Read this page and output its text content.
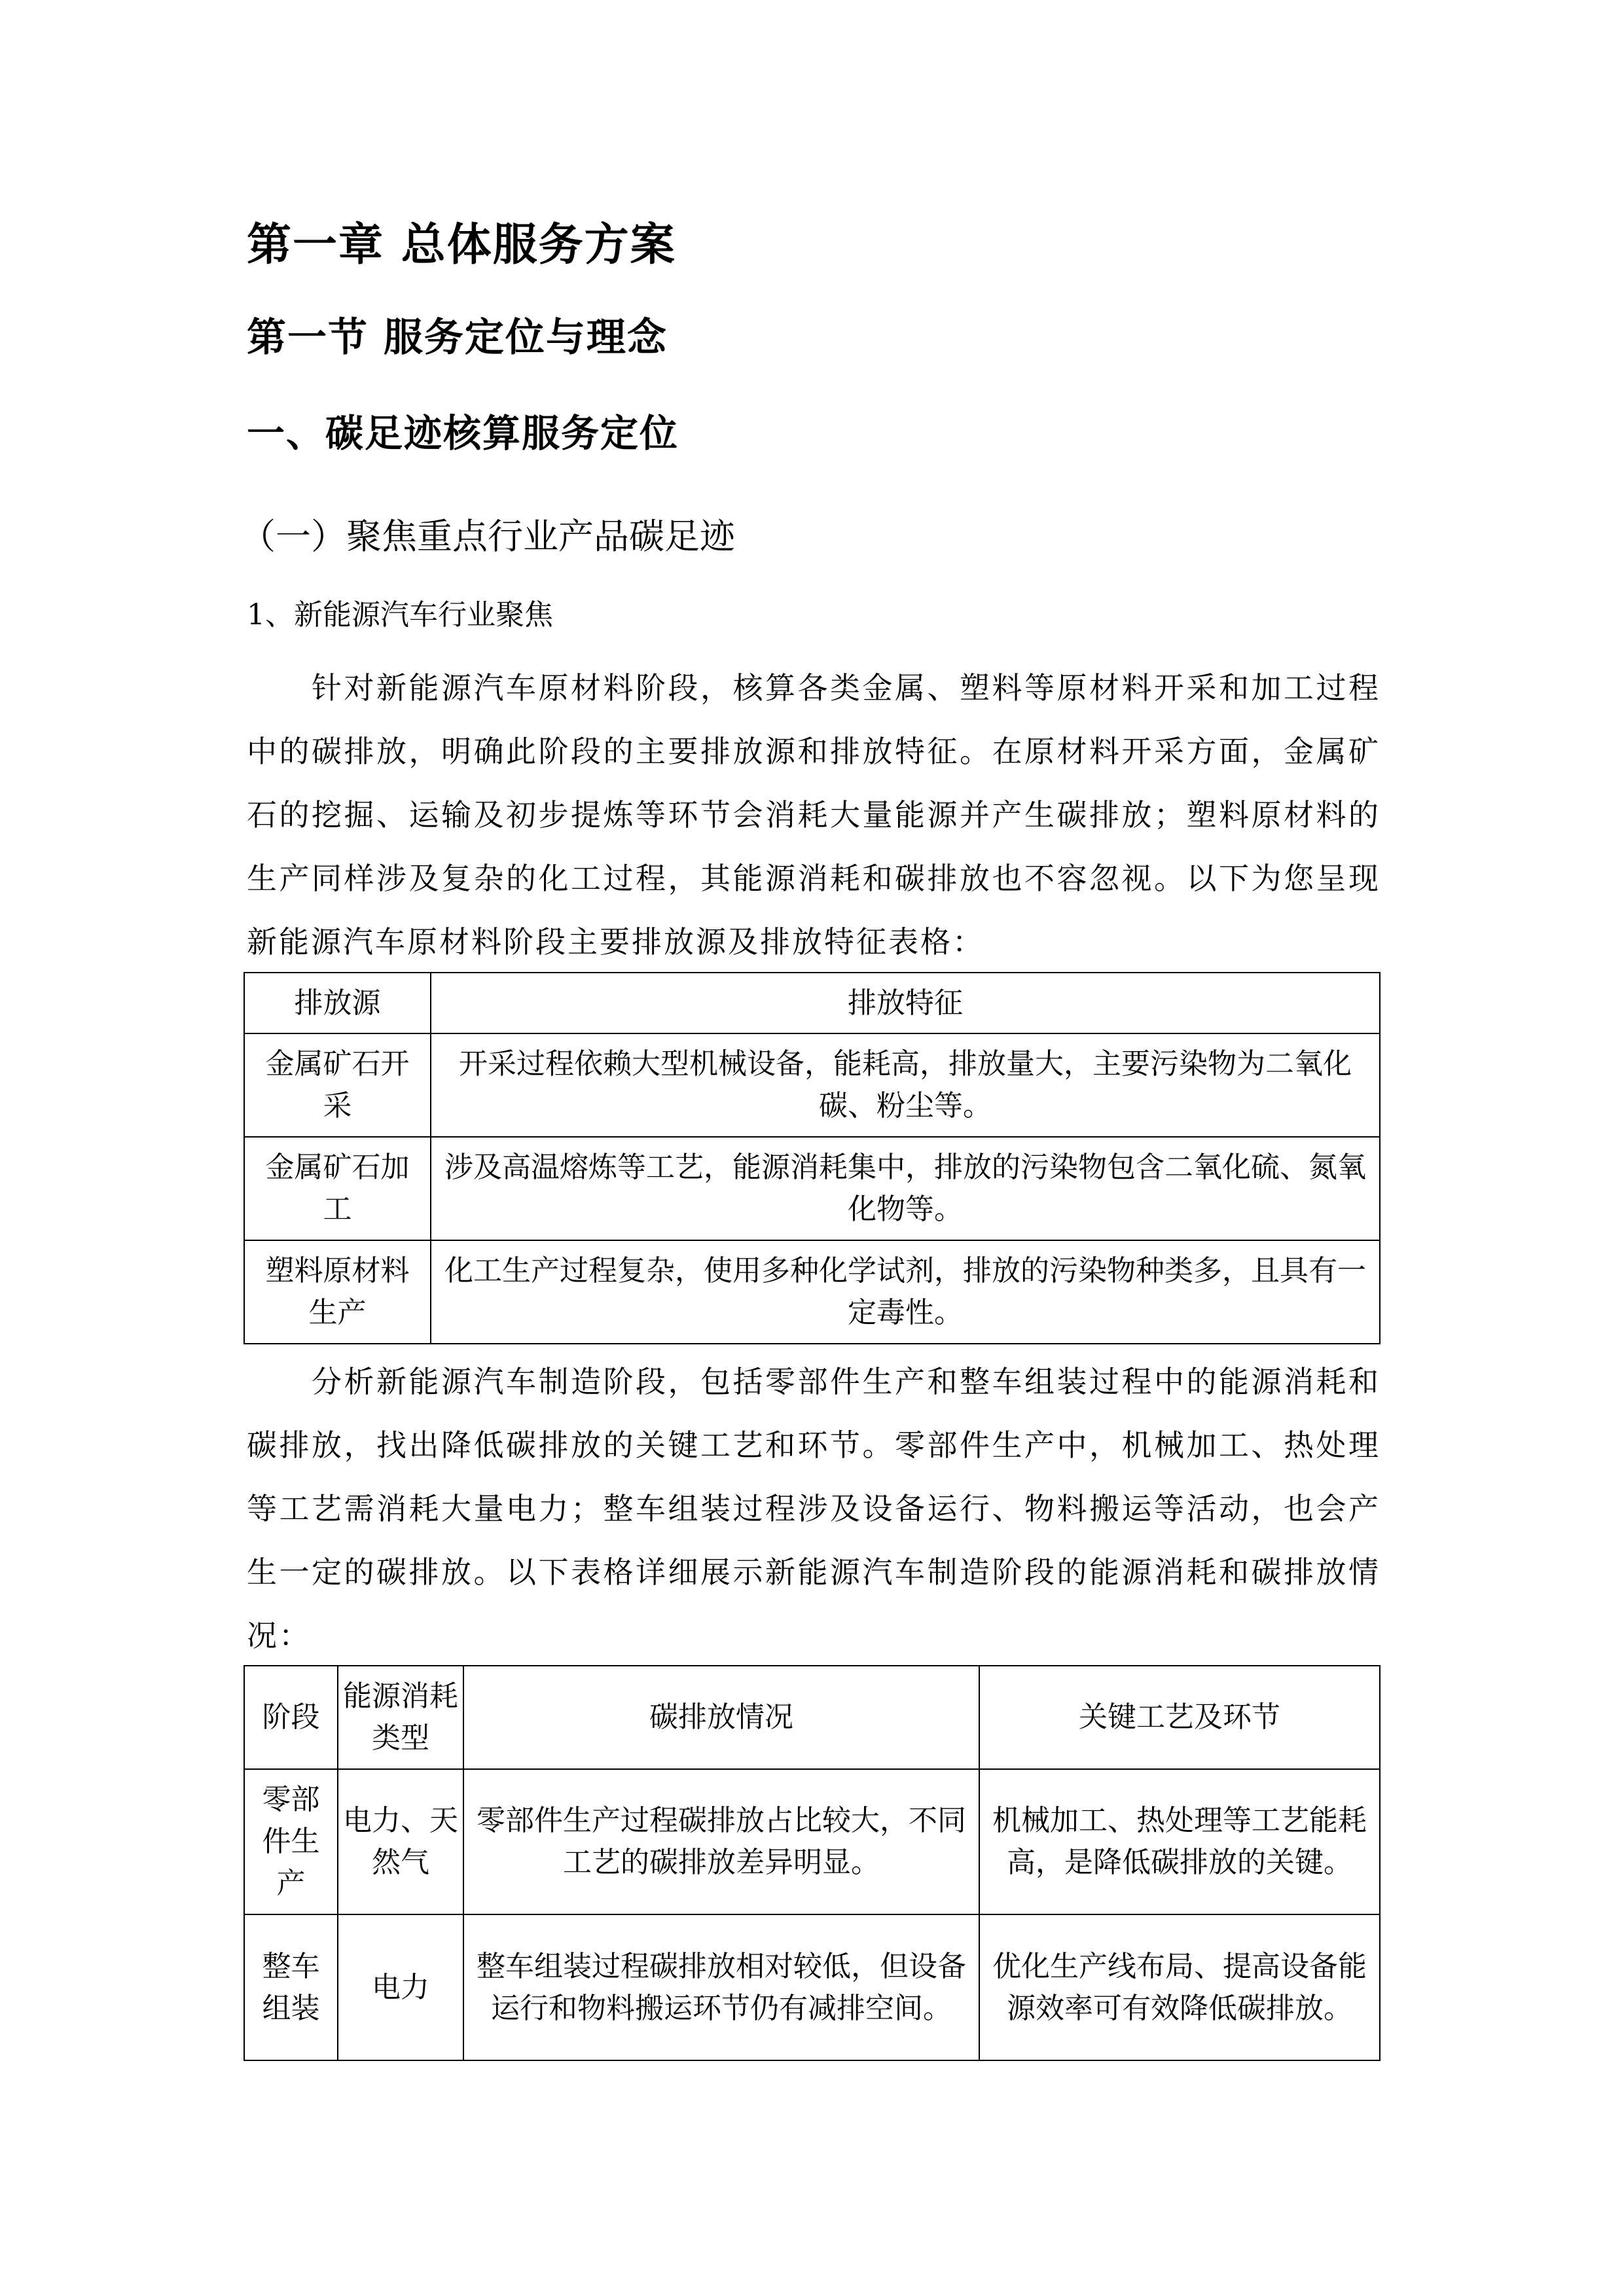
第一章 总体服务方案
第一节 服务定位与理念
一、碳足迹核算服务定位
（一）聚焦重点行业产品碳足迹
1、新能源汽车行业聚焦

针对新能源汽车原材料阶段，核算各类金属、塑料等原材料开采和加工过程中的碳排放，明确此阶段的主要排放源和排放特征。在原材料开采方面，金属矿石的挖掘、运输及初步提炼等环节会消耗大量能源并产生碳排放；塑料原材料的生产同样涉及复杂的化工过程，其能源消耗和碳排放也不容忽视。以下为您呈现新能源汽车原材料阶段主要排放源及排放特征表格：

排放源	排放特征
金属矿石开采	开采过程依赖大型机械设备，能耗高，排放量大，主要污染物为二氧化碳、粉尘等。
金属矿石加工	涉及高温熔炼等工艺，能源消耗集中，排放的污染物包含二氧化硫、氮氧化物等。
塑料原材料生产	化工生产过程复杂，使用多种化学试剂，排放的污染物种类多，且具有一定毒性。

分析新能源汽车制造阶段，包括零部件生产和整车组装过程中的能源消耗和碳排放，找出降低碳排放的关键工艺和环节。零部件生产中，机械加工、热处理等工艺需消耗大量电力；整车组装过程涉及设备运行、物料搬运等活动，也会产生一定的碳排放。以下表格详细展示新能源汽车制造阶段的能源消耗和碳排放情况：

阶段	能源消耗类型	碳排放情况	关键工艺及环节
零部件生产	电力、天然气	零部件生产过程碳排放占比较大，不同工艺的碳排放差异明显。	机械加工、热处理等工艺能耗高，是降低碳排放的关键。
整车组装	电力	整车组装过程碳排放相对较低，但设备运行和物料搬运环节仍有减排空间。	优化生产线布局、提高设备能源效率可有效降低碳排放。
